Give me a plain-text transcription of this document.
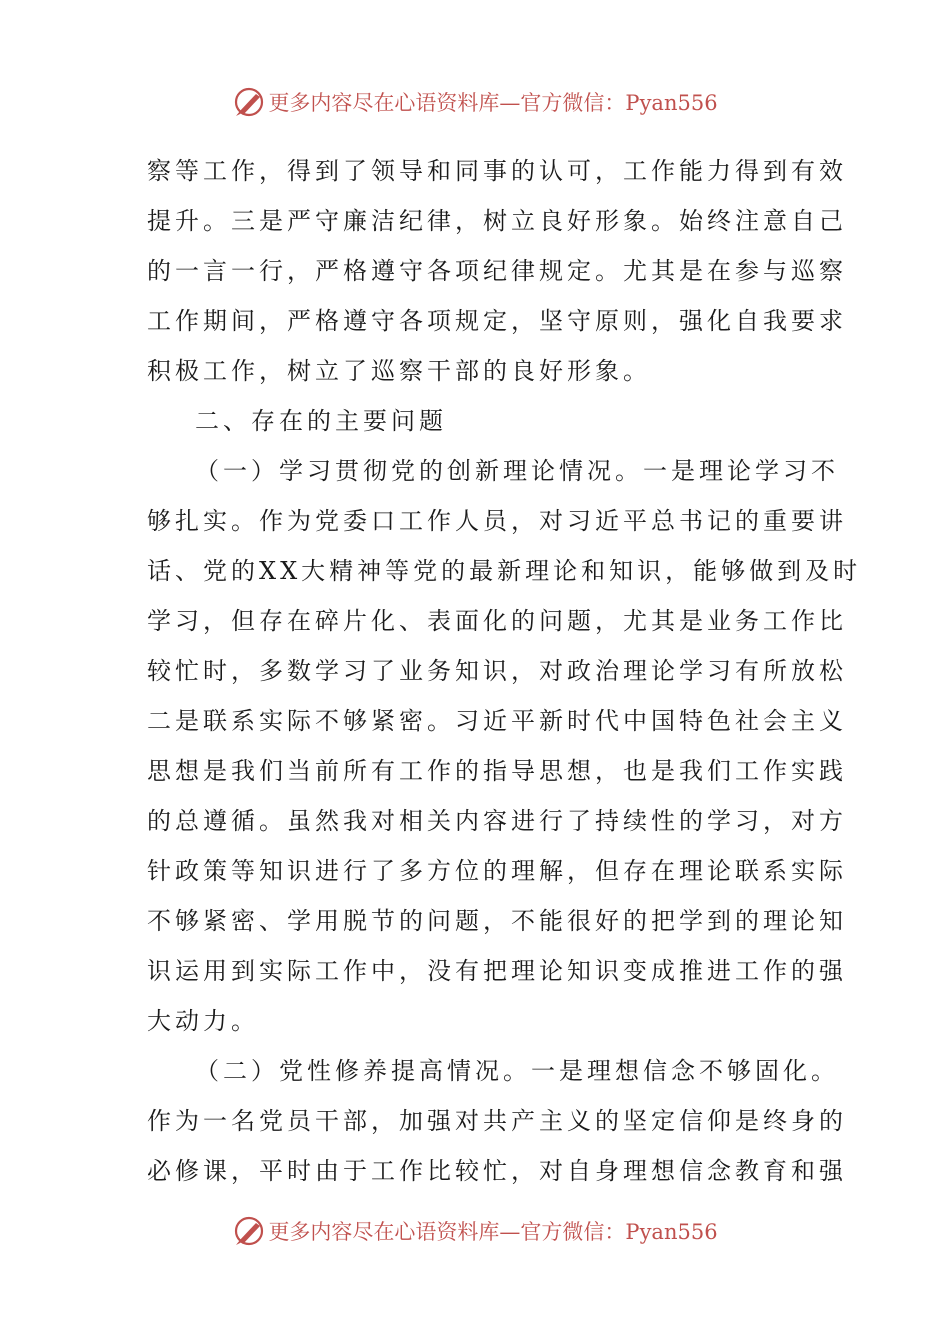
更多内容尽在心语资料库—官方微信：Pyan556

察等工作，得到了领导和同事的认可，工作能力得到有效

提升。三是严守廉洁纪律，树立良好形象。始终注意自己

的一言一行，严格遵守各项纪律规定。尤其是在参与巡察

工作期间，严格遵守各项规定，坚守原则，强化自我要求

积极工作，树立了巡察干部的良好形象。

二、存在的主要问题

（一）学习贯彻党的创新理论情况。一是理论学习不

够扎实。作为党委口工作人员，对习近平总书记的重要讲

话、党的XX大精神等党的最新理论和知识，能够做到及时

学习，但存在碎片化、表面化的问题，尤其是业务工作比

较忙时，多数学习了业务知识，对政治理论学习有所放松

二是联系实际不够紧密。习近平新时代中国特色社会主义

思想是我们当前所有工作的指导思想，也是我们工作实践

的总遵循。虽然我对相关内容进行了持续性的学习，对方

针政策等知识进行了多方位的理解，但存在理论联系实际

不够紧密、学用脱节的问题，不能很好的把学到的理论知

识运用到实际工作中，没有把理论知识变成推进工作的强

大动力。

（二）党性修养提高情况。一是理想信念不够固化。

作为一名党员干部，加强对共产主义的坚定信仰是终身的

必修课，平时由于工作比较忙，对自身理想信念教育和强

更多内容尽在心语资料库—官方微信：Pyan556
